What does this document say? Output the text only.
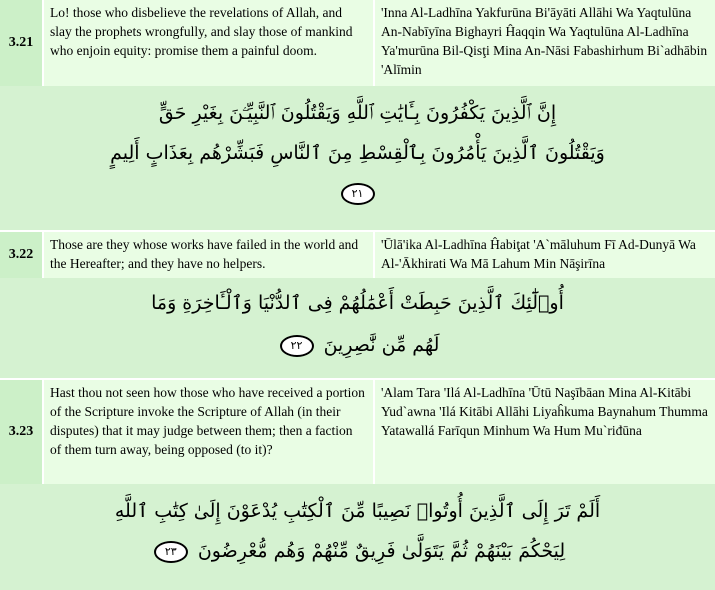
3.21
Lo! those who disbelieve the revelations of Allah, and slay the prophets wrongfully, and slay those of mankind who enjoin equity: promise them a painful doom.
'Inna Al-Ladhīna Yakfurūna Bi'āyāti Allāhi Wa Yaqtulūna An-Nabīyīna Bighayri Ĥaqqin Wa Yaqtulūna Al-Ladhīna Ya'murūna Bil-Qisţi Mina An-Nāsi Fabashirhum Bi`adhābin 'Alīmin
إِنَّ ٱلَّذِينَ يَكْفُرُونَ بِـَٔايَٰتِ ٱللَّهِ وَيَقْتُلُونَ ٱلنَّبِيِّـۧنَ بِغَيْرِ حَقٍّ
وَيَقْتُلُونَ ٱلَّذِينَ يَأْمُرُونَ بِٱلْقِسْطِ مِنَ ٱلنَّاسِ فَبَشِّرْهُم بِعَذَابٍ أَلِيمٍ
٢١
3.22
Those are they whose works have failed in the world and the Hereafter; and they have no helpers.
'Ūlā'ika Al-Ladhīna Ĥabiţat 'A`māluhum Fī Ad-Dunyā Wa Al-'Ākhirati Wa Mā Lahum Min Nāşirīna
أُو۟لَٰٓئِكَ ٱلَّذِينَ حَبِطَتْ أَعْمَٰلُهُمْ فِى ٱلدُّنْيَا وَٱلْـَٔاخِرَةِ وَمَا
لَهُم مِّن نَّٰصِرِينَ ٢٢
3.23
Hast thou not seen how those who have received a portion of the Scripture invoke the Scripture of Allah (in their disputes) that it may judge between them; then a faction of them turn away, being opposed (to it)?
'Alam Tara 'Ilá Al-Ladhīna 'Ūtū Naşībāan Mina Al-Kitābi Yud`awna 'Ilá Kitābi Allāhi Liyaĥkuma Baynahum Thumma Yatawallá Farīqun Minhum Wa Hum Mu`riđūna
أَلَمْ تَرَ إِلَى ٱلَّذِينَ أُوتُوا۟ نَصِيبًا مِّنَ ٱلْكِتَٰبِ يُدْعَوْنَ إِلَىٰ كِتَٰبِ ٱللَّهِ
لِيَحْكُمَ بَيْنَهُمْ ثُمَّ يَتَوَلَّىٰ فَرِيقٌ مِّنْهُمْ وَهُم مُّعْرِضُونَ ٢٣
